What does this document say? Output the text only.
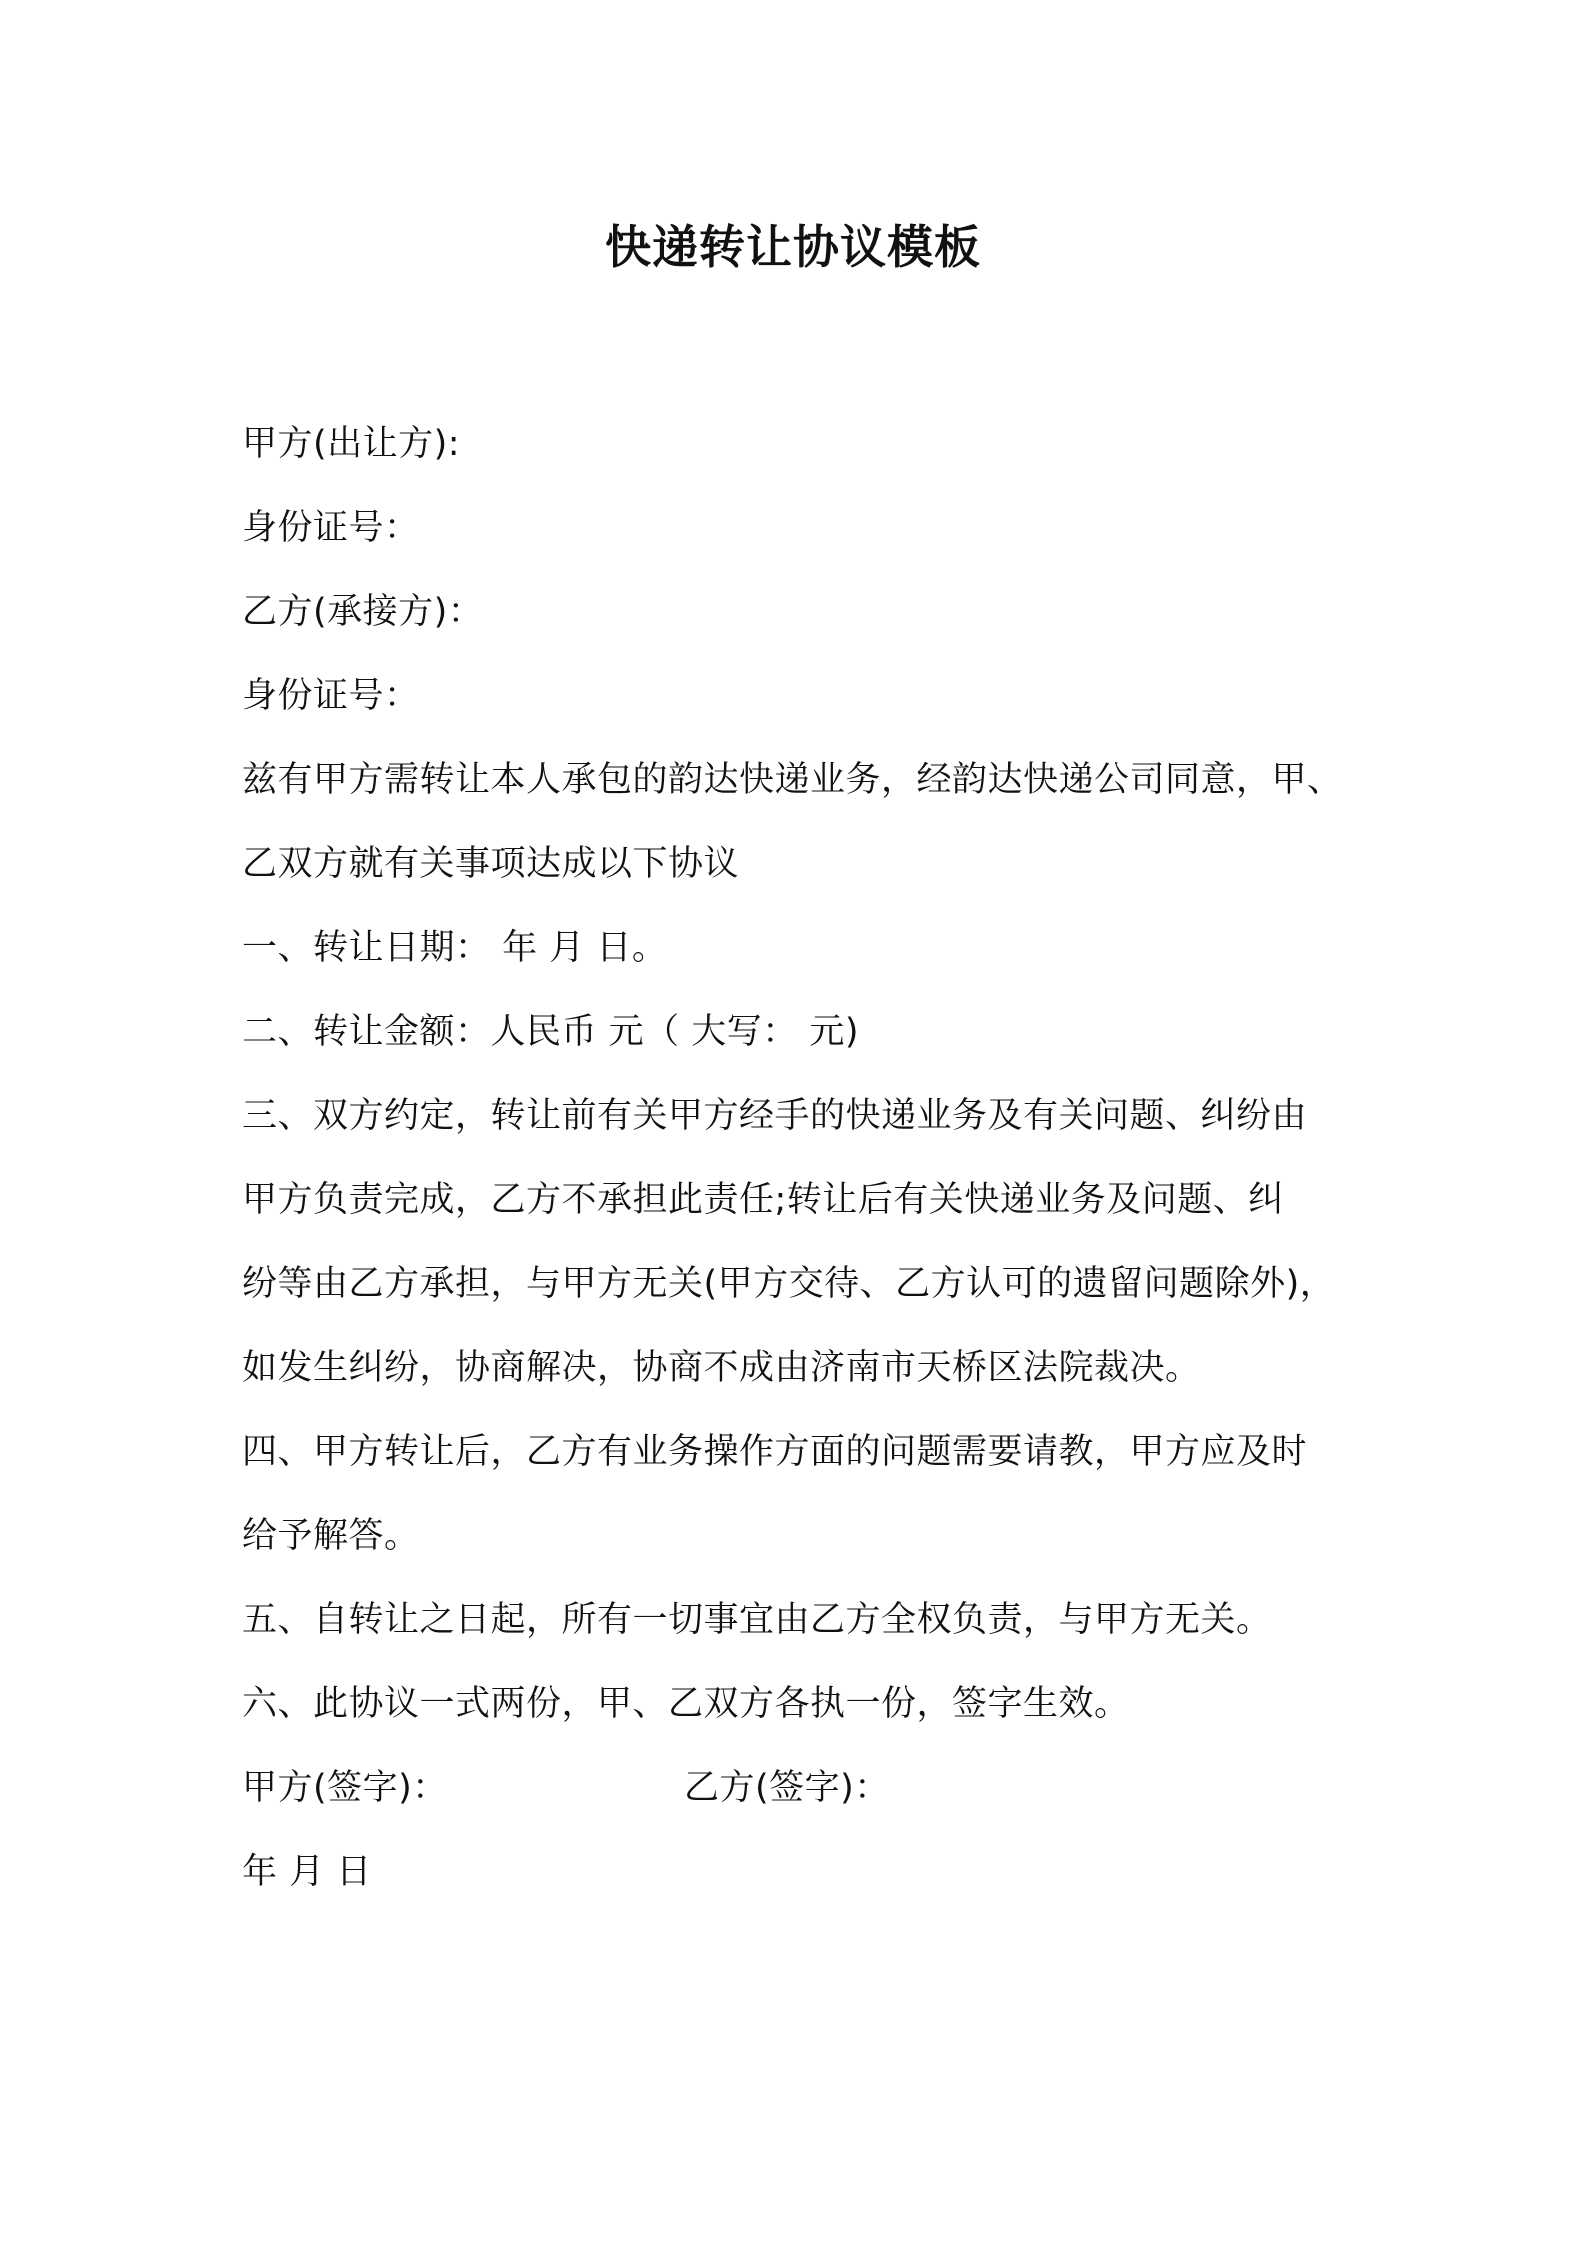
快递转让协议模板
甲方(出让方):
身份证号：
乙方(承接方)：
身份证号：
兹有甲方需转让本人承包的韵达快递业务，经韵达快递公司同意，甲、
乙双方就有关事项达成以下协议
一、转让日期： 年 月 日。
二、转让金额：人民币 元（ 大写： 元)
三、双方约定，转让前有关甲方经手的快递业务及有关问题、纠纷由
甲方负责完成，乙方不承担此责任;转让后有关快递业务及问题、纠
纷等由乙方承担，与甲方无关(甲方交待、乙方认可的遗留问题除外)，
如发生纠纷，协商解决，协商不成由济南市天桥区法院裁决。
四、甲方转让后，乙方有业务操作方面的问题需要请教，甲方应及时
给予解答。
五、自转让之日起，所有一切事宜由乙方全权负责，与甲方无关。
六、此协议一式两份，甲、乙双方各执一份，签字生效。
甲方(签字)：	乙方(签字)：
年 月 日
